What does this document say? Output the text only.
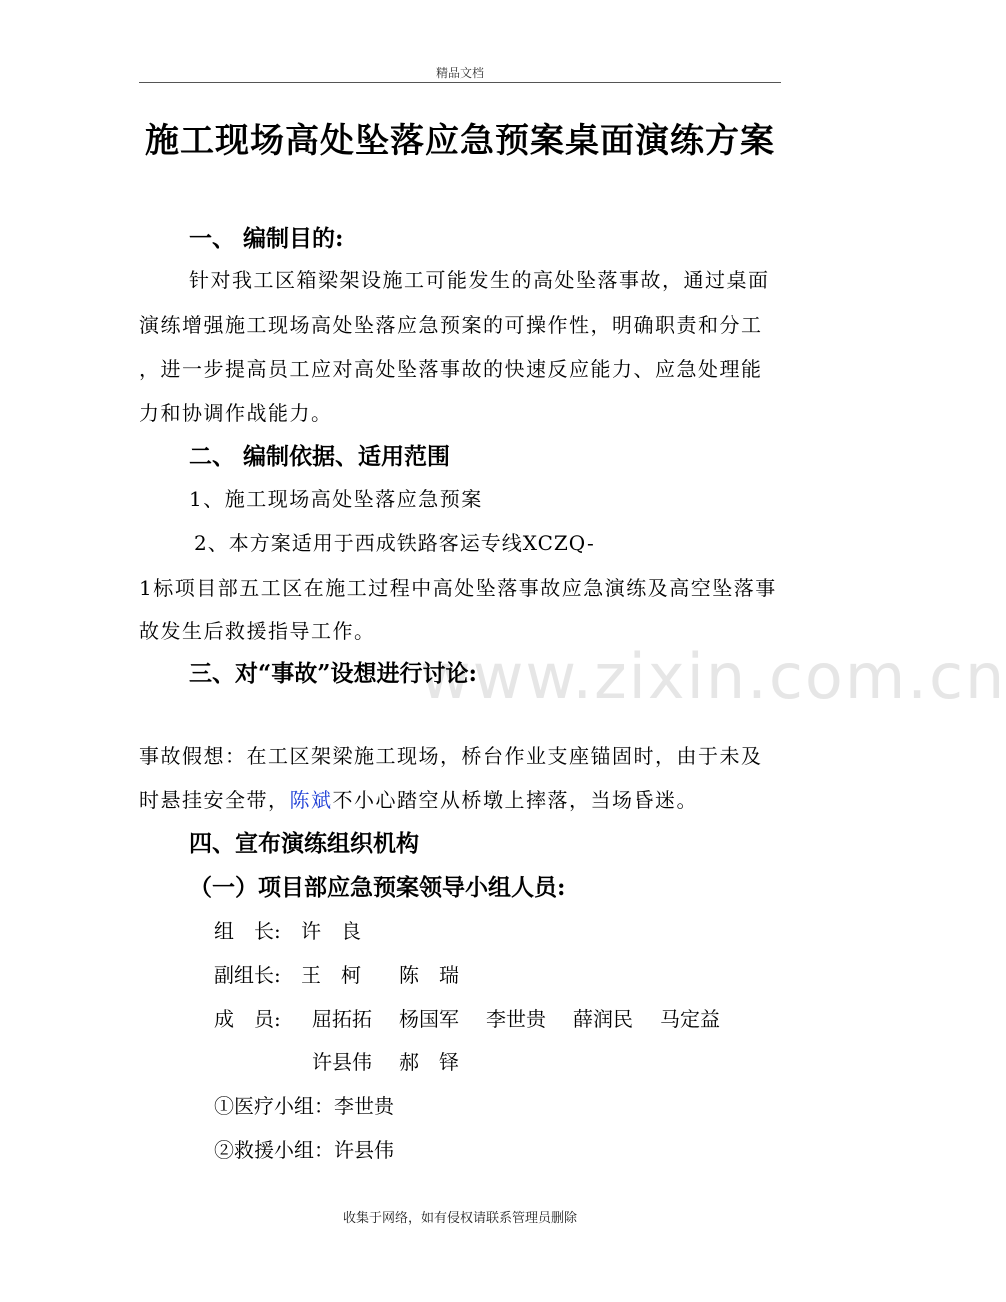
精品文档
www.zixin.com.cn
施工现场高处坠落应急预案桌面演练方案
一、 编制目的:
针对我工区箱梁架设施工可能发生的高处坠落事故，通过桌面
演练增强施工现场高处坠落应急预案的可操作性，明确职责和分工
，进一步提高员工应对高处坠落事故的快速反应能力、应急处理能
力和协调作战能力。
二、 编制依据、适用范围
1、施工现场高处坠落应急预案
2、本方案适用于西成铁路客运专线XCZQ-
1标项目部五工区在施工过程中高处坠落事故应急演练及高空坠落事
故发生后救援指导工作。
三、对“事故”设想进行讨论:
事故假想：在工区架梁施工现场，桥台作业支座锚固时，由于未及
时悬挂安全带，陈斌不小心踏空从桥墩上摔落，当场昏迷。
四、宣布演练组织机构
（一）项目部应急预案领导小组人员:
组　长: 许　良
副组长: 王　柯 陈　瑞
成　员: 屈拓拓 杨国军 李世贵 薛润民 马定益
许县伟 郝　铎
①医疗小组：李世贵
②救援小组：许县伟
收集于网络，如有侵权请联系管理员删除
